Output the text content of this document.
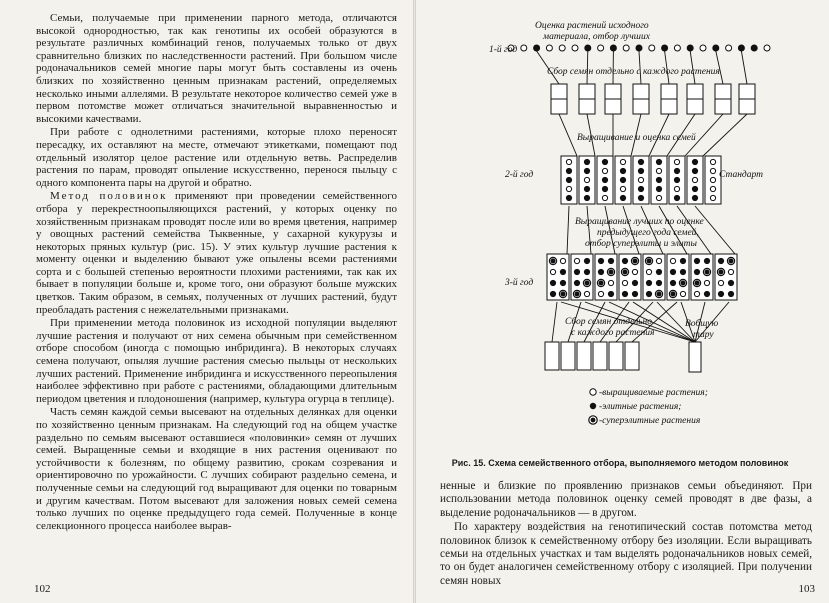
Семьи, получаемые при применении парного метода, отличаются высокой однородностью, так как генотипы их особей образуются в результате различных комбинаций генов, получаемых только от двух сравнительно близких по наследственности растений. При большом числе родоначальников семей многие пары могут быть составлены из очень близких по хозяйственно ценным признакам растений, определяемых несколько иными аллелями. В результате некоторое количество семей уже в первом потомстве может отличаться значительной выравненностью и высокими качествами.

При работе с однолетними растениями, которые плохо переносят пересадку, их оставляют на месте, отмечают этикетками, помещают под отдельный изолятор целое растение или отдельную ветвь. Распределив растения по парам, проводят опыление искусственно, перенося пыльцу с одного компонента пары на другой и обратно.

Метод половинок применяют при проведении семейственного отбора у перекрестноопыляющихся растений, у которых оценку по хозяйственным признакам проводят после или во время цветения, например у овощных растений семейства Тыквенные, у сахарной кукурузы и некоторых пряных культур (рис. 15). У этих культур лучшие растения к моменту оценки и выделению бывают уже опылены всеми растениями сорта и с большей степенью вероятности плохими растениями, так как их бывает в популяции больше и, кроме того, они образуют больше мужских цветков. Таким образом, в семьях, полученных от лучших растений, будут преобладать растения с нежелательными признаками.

При применении метода половинок из исходной популяции выделяют лучшие растения и получают от них семена обычным при семейственном отборе способом (иногда с помощью инбридинга). В некоторых случаях семена получают, опыляя лучшие растения смесью пыльцы от нескольких лучших растений. Применение инбридинга и искусственного переопыления наиболее эффективно при работе с растениями, обладающими длительным периодом цветения и плодоношения (например, культура огурца в теплице).

Часть семян каждой семьи высевают на отдельных делянках для оценки по хозяйственно ценным признакам. На следующий год на общем участке раздельно по семьям высевают оставшиеся «половинки» семян от лучших семей. Выращенные семьи и входящие в них растения оценивают по устойчивости к болезням, по общему развитию, срокам созревания и ориентировочно по урожайности. С лучших собирают раздельно семена, и полученные семьи на следующий год выращивают для оценки по товарным и другим качествам. Потом высевают для заложения новых семей семена только лучших по оценке предыдущего года семей. Полученные в конце селекционного процесса наиболее вырав-

102	103
Оценка растений исходного
материала, отбор лучших
1-й год
Сбор семян отдельно с каждого растения
Выращивание и оценка семей
2-й год	Стандарт
Выращивание лучших по оценке
предыдущего года семей,
отбор суперэлиты и элиты
3-й год
Сбор семян отдельно
с каждого растения
Вобщую
тару
-выращиваемые растения;
-элитные растения;
-суперэлитные растения
Рис. 15. Схема семейственного отбора, выполняемого методом половинок

ненные и близкие по проявлению признаков семьи объединяют. При использовании метода половинок оценку семей проводят в две фазы, а выделение родоначальников — в другом.

По характеру воздействия на генотипический состав потомства метод половинок близок к семейственному отбору без изоляции. Если выращивать семьи на отдельных участках и там выделять родоначальников новых семей, то он будет аналогичен семейственному отбору с изоляцией. При получении семян новых
